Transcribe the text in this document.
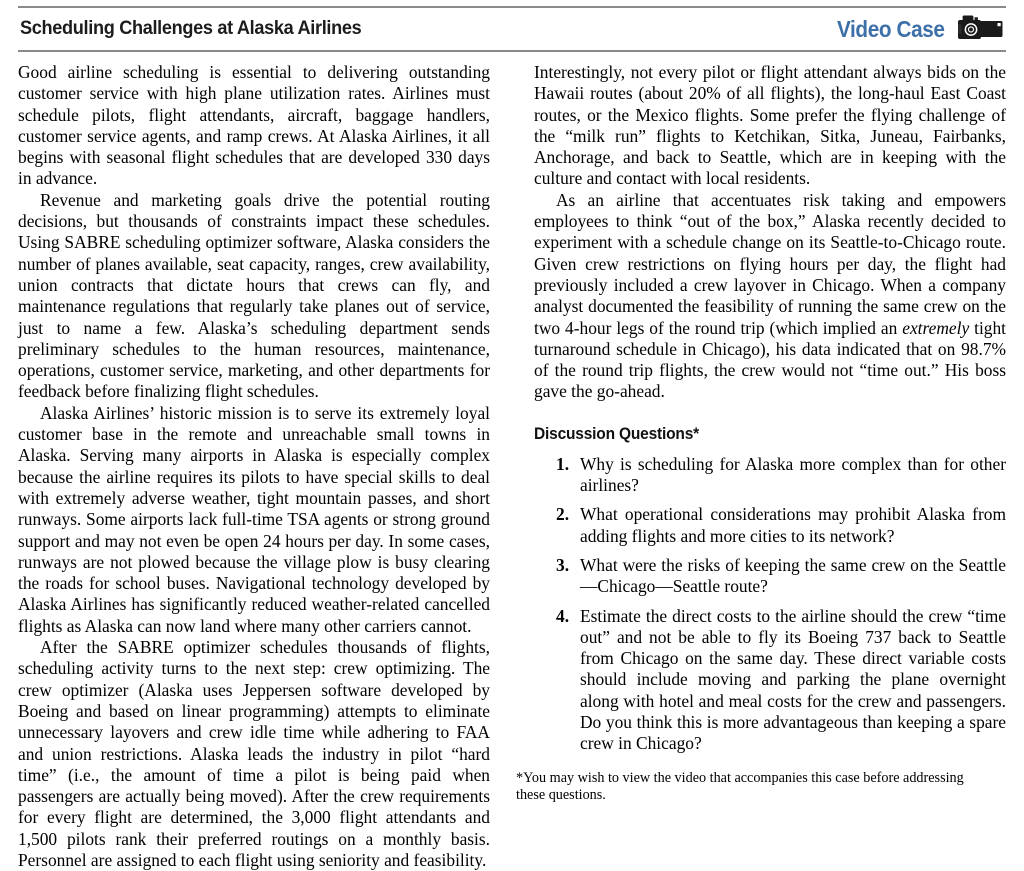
Scheduling Challenges at Alaska Airlines	Video Case

Good airline scheduling is essential to delivering outstanding customer service with high plane utilization rates. Airlines must schedule pilots, flight attendants, aircraft, baggage handlers, customer service agents, and ramp crews. At Alaska Airlines, it all begins with seasonal flight schedules that are developed 330 days in advance.

Revenue and marketing goals drive the potential routing decisions, but thousands of constraints impact these schedules. Using SABRE scheduling optimizer software, Alaska considers the number of planes available, seat capacity, ranges, crew availability, union contracts that dictate hours that crews can fly, and maintenance regulations that regularly take planes out of service, just to name a few. Alaska’s scheduling department sends preliminary schedules to the human resources, maintenance, operations, customer service, marketing, and other departments for feedback before finalizing flight schedules.

Alaska Airlines’ historic mission is to serve its extremely loyal customer base in the remote and unreachable small towns in Alaska. Serving many airports in Alaska is especially complex because the airline requires its pilots to have special skills to deal with extremely adverse weather, tight mountain passes, and short runways. Some airports lack full-time TSA agents or strong ground support and may not even be open 24 hours per day. In some cases, runways are not plowed because the village plow is busy clearing the roads for school buses. Navigational technology developed by Alaska Airlines has significantly reduced weather-related cancelled flights as Alaska can now land where many other carriers cannot.

After the SABRE optimizer schedules thousands of flights, scheduling activity turns to the next step: crew optimizing. The crew optimizer (Alaska uses Jeppersen software developed by Boeing and based on linear programming) attempts to eliminate unnecessary layovers and crew idle time while adhering to FAA and union restrictions. Alaska leads the industry in pilot “hard time” (i.e., the amount of time a pilot is being paid when passengers are actually being moved). After the crew requirements for every flight are determined, the 3,000 flight attendants and 1,500 pilots rank their preferred routings on a monthly basis. Personnel are assigned to each flight using seniority and feasibility.

Interestingly, not every pilot or flight attendant always bids on the Hawaii routes (about 20% of all flights), the long-haul East Coast routes, or the Mexico flights. Some prefer the flying challenge of the “milk run” flights to Ketchikan, Sitka, Juneau, Fairbanks, Anchorage, and back to Seattle, which are in keeping with the culture and contact with local residents.

As an airline that accentuates risk taking and empowers employees to think “out of the box,” Alaska recently decided to experiment with a schedule change on its Seattle-to-Chicago route. Given crew restrictions on flying hours per day, the flight had previously included a crew layover in Chicago. When a company analyst documented the feasibility of running the same crew on the two 4-hour legs of the round trip (which implied an extremely tight turnaround schedule in Chicago), his data indicated that on 98.7% of the round trip flights, the crew would not “time out.” His boss gave the go-ahead.

Discussion Questions*
1. Why is scheduling for Alaska more complex than for other airlines?
2. What operational considerations may prohibit Alaska from adding flights and more cities to its network?
3. What were the risks of keeping the same crew on the Seattle—Chicago—Seattle route?
4. Estimate the direct costs to the airline should the crew “time out” and not be able to fly its Boeing 737 back to Seattle from Chicago on the same day. These direct variable costs should include moving and parking the plane overnight along with hotel and meal costs for the crew and passengers. Do you think this is more advantageous than keeping a spare crew in Chicago?
*You may wish to view the video that accompanies this case before addressing these questions.
